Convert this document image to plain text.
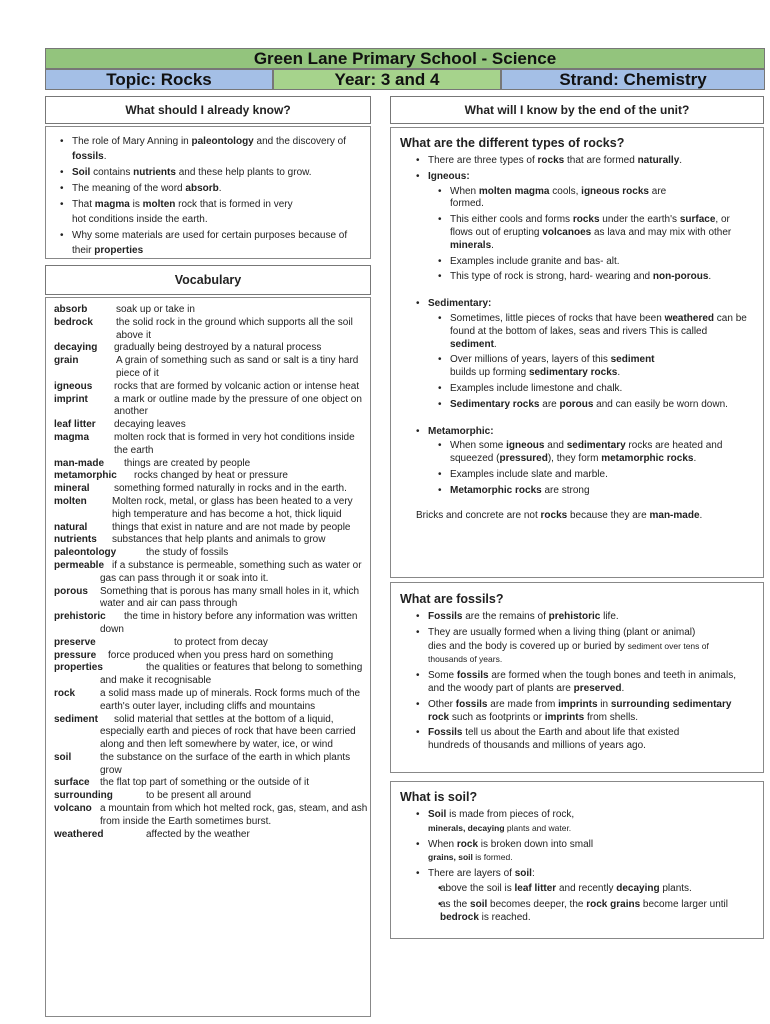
Green Lane Primary School - Science
Topic: Rocks	Year: 3 and 4	Strand: Chemistry
What should I already know?
• The role of Mary Anning in paleontology and the discovery of
fossils.
• Soil contains nutrients and these help plants to grow.
• The meaning of the word absorb.
• That magma is molten rock that is formed in very hot conditions inside the earth.
• Why some materials are used for certain purposes because of their properties
Vocabulary
absorb	soak up or take in
bedrock the solid rock in the ground which supports all the soil above it
decaying gradually being destroyed by a natural process
grain	A grain of something such as sand or salt is a tiny hard piece of it
igneous rocks that are formed by volcanic action or intense heat
imprint	a mark or outline made by the pressure of one object on another
leaf litter decaying leaves
magma molten rock that is formed in very hot conditions inside the earth
man-made things are created by people
metamorphic rocks changed by heat or pressure
mineral something formed naturally in rocks and in the earth.
molten	Molten rock, metal, or glass has been heated to a very high temperature and has become a hot, thick liquid
natural things that exist in nature and are not made by people
nutrients substances that help plants and animals to grow
paleontology	the study of fossils
permeable if a substance is permeable, something such as water or gas can pass through it or soak into it.
porous Something that is porous has many small holes in it, which water and air can pass through
prehistoric the time in history before any information was written down
preserve	to protect from decay
pressure force produced when you press hard on something
properties	the qualities or features that belong to something and make it recognisable
rock a solid mass made up of minerals. Rock forms much of the earth's outer layer, including cliffs and mountains
sediment solid material that settles at the bottom of a liquid, especially earth and pieces of rock that have been carried along and then left somewhere by water, ice, or wind
soil	the substance on the surface of the earth in which plants grow
surface the flat top part of something or the outside of it
surrounding	to be present all around
volcano a mountain from which hot melted rock, gas, steam, and ash from inside the Earth sometimes burst.
weathered	affected by the weather
What will I know by the end of the unit?
What are the different types of rocks?
• There are three types of rocks that are formed naturally.
• Igneous:
• When molten magma cools, igneous rocks are formed.
• This either cools and forms rocks under the earth's surface, or flows out of erupting volcanoes as lava and may mix with other minerals.
• Examples include granite and bas- alt.
• This type of rock is strong, hard- wearing and non-porous.
• Sedimentary:
• Sometimes, little pieces of rocks that have been weathered can be found at the bottom of lakes, seas and rivers This is called sediment.
• Over millions of years, layers of this sediment builds up forming sedimentary rocks.
• Examples include limestone and chalk.
• Sedimentary rocks are porous and can easily be worn down.
• Metamorphic:
• When some igneous and sedimentary rocks are heated and squeezed (pressured), they form metamorphic rocks.
• Examples include slate and marble.
• Metamorphic rocks are strong
Bricks and concrete are not rocks because they are man-made.
What are fossils?
• Fossils are the remains of prehistoric life.
• They are usually formed when a living thing (plant or animal) dies and the body is covered up or buried by sediment over tens of thousands of years.
• Some fossils are formed when the tough bones and teeth in animals, and the woody part of plants are preserved.
• Other fossils are made from imprints in surrounding sedimentary rock such as footprints or imprints from shells.
• Fossils tell us about the Earth and about life that existed hundreds of thousands and millions of years ago.
What is soil?
• Soil is made from pieces of rock, minerals, decaying plants and water.
• When rock is broken down into small grains, soil is formed.
• There are layers of soil:
• above the soil is leaf litter and recently decaying plants.
• as the soil becomes deeper, the rock grains become larger until bedrock is reached.
